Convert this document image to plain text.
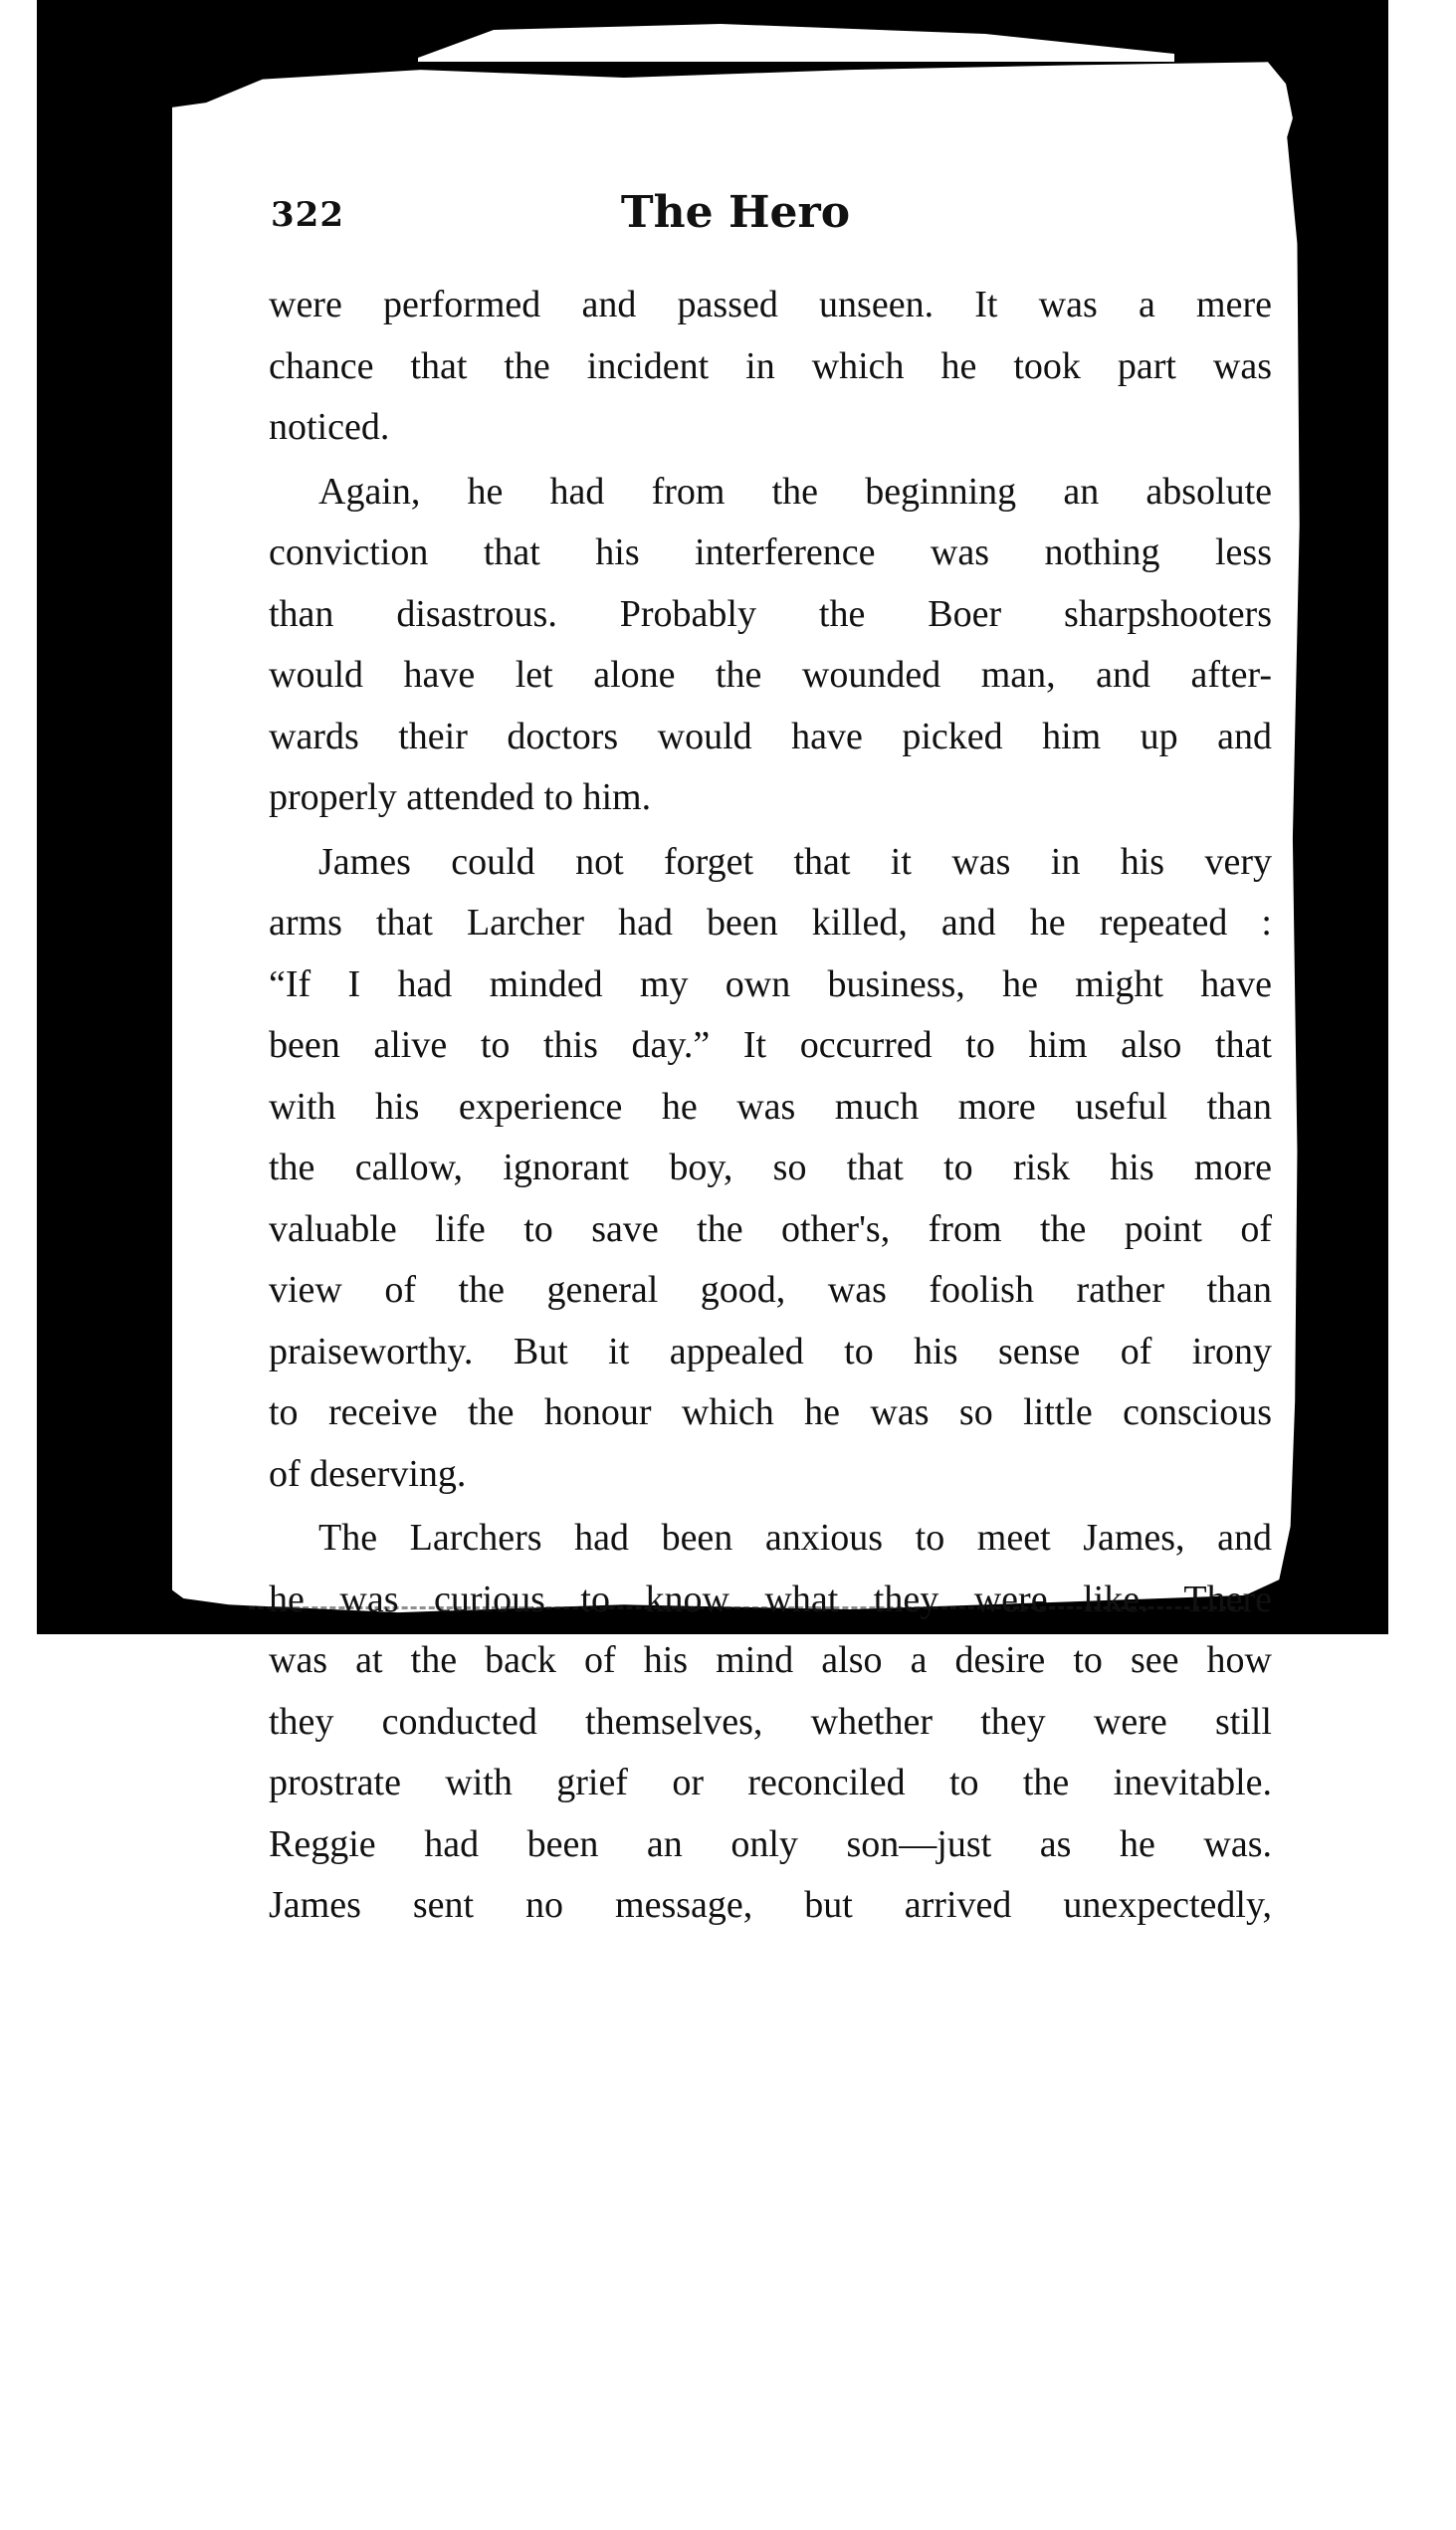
322	The Hero
were performed and passed unseen. It was a mere
chance that the incident in which he took part was
noticed.
Again, he had from the beginning an absolute
conviction that his interference was nothing less
than disastrous. Probably the Boer sharpshooters
would have let alone the wounded man, and after-
wards their doctors would have picked him up and
properly attended to him.
James could not forget that it was in his very
arms that Larcher had been killed, and he repeated :
“If I had minded my own business, he might have
been alive to this day.” It occurred to him also that
with his experience he was much more useful than
the callow, ignorant boy, so that to risk his more
valuable life to save the other's, from the point of
view of the general good, was foolish rather than
praiseworthy. But it appealed to his sense of irony
to receive the honour which he was so little conscious
of deserving.
The Larchers had been anxious to meet James, and
he was curious to know what they were like. There
was at the back of his mind also a desire to see how
they conducted themselves, whether they were still
prostrate with grief or reconciled to the inevitable.
Reggie had been an only son—just as he was.
James sent no message, but arrived unexpectedly,
